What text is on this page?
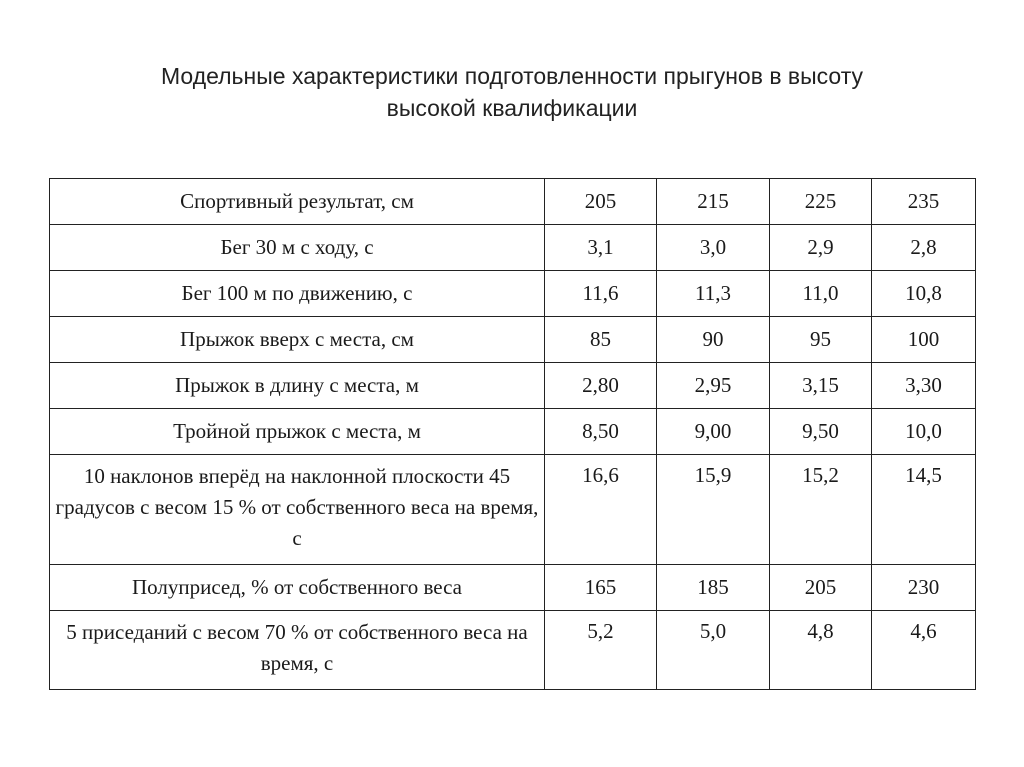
Модельные характеристики подготовленности прыгунов в высоту
высокой квалификации
Спортивный результат, см	205	215	225	235
Бег 30 м с ходу, с	3,1	3,0	2,9	2,8
Бег 100 м по движению, с	11,6	11,3	11,0	10,8
Прыжок вверх с места, см	85	90	95	100
Прыжок в длину с места, м	2,80	2,95	3,15	3,30
Тройной прыжок с места, м	8,50	9,00	9,50	10,0
10 наклонов вперёд на наклонной плоскости 45 градусов с весом 15 % от собственного веса на время, с	16,6	15,9	15,2	14,5
Полуприсед, % от собственного веса	165	185	205	230
5 приседаний с весом 70 % от собственного веса на время, с	5,2	5,0	4,8	4,6
